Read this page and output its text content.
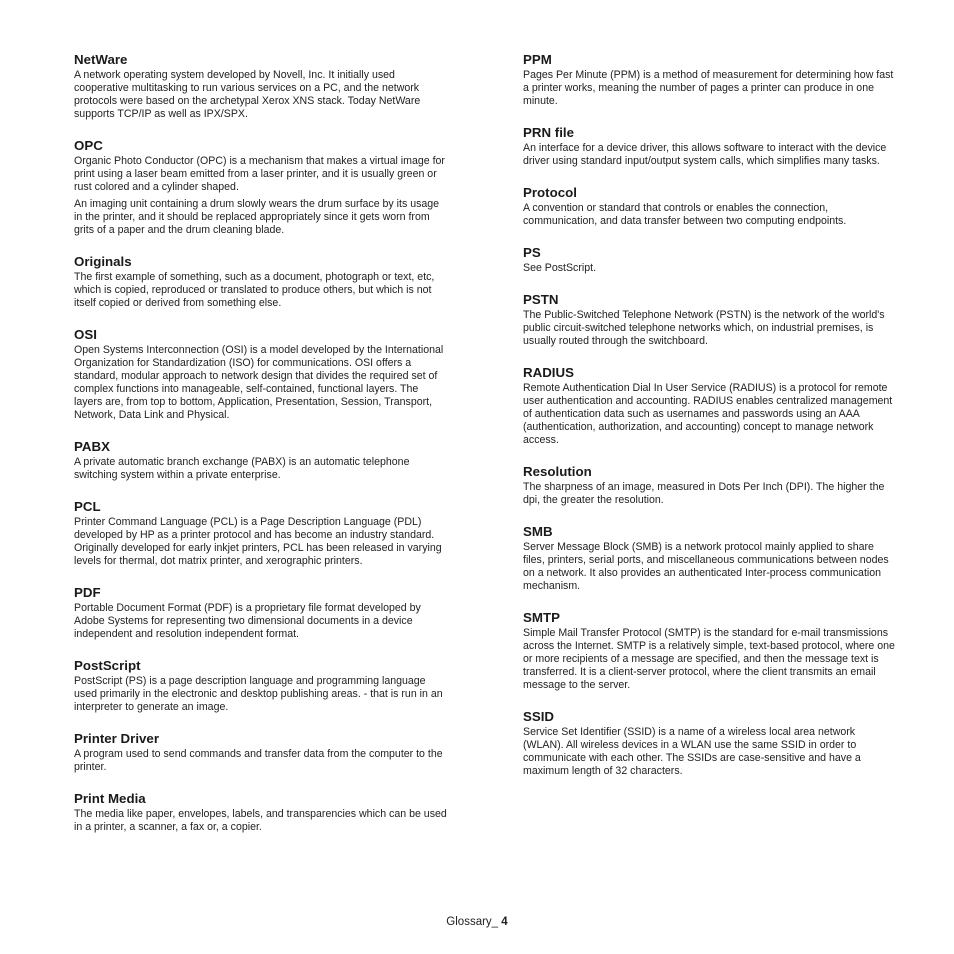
NetWare

A network operating system developed by Novell, Inc. It initially used cooperative multitasking to run various services on a PC, and the network protocols were based on the archetypal Xerox XNS stack. Today NetWare supports TCP/IP as well as IPX/SPX.

OPC

Organic Photo Conductor (OPC) is a mechanism that makes a virtual image for print using a laser beam emitted from a laser printer, and it is usually green or rust colored and a cylinder shaped.

An imaging unit containing a drum slowly wears the drum surface by its usage in the printer, and it should be replaced appropriately since it gets worn from grits of a paper and the drum cleaning blade.

Originals

The first example of something, such as a document, photograph or text, etc, which is copied, reproduced or translated to produce others, but which is not itself copied or derived from something else.

OSI

Open Systems Interconnection (OSI) is a model developed by the International Organization for Standardization (ISO) for communications. OSI offers a standard, modular approach to network design that divides the required set of complex functions into manageable, self-contained, functional layers. The layers are, from top to bottom, Application, Presentation, Session, Transport, Network, Data Link and Physical.

PABX

A private automatic branch exchange (PABX) is an automatic telephone switching system within a private enterprise.

PCL

Printer Command Language (PCL) is a Page Description Language (PDL) developed by HP as a printer protocol and has become an industry standard. Originally developed for early inkjet printers, PCL has been released in varying levels for thermal, dot matrix printer, and xerographic printers.

PDF

Portable Document Format (PDF) is a proprietary file format developed by Adobe Systems for representing two dimensional documents in a device independent and resolution independent format.

PostScript

PostScript (PS) is a page description language and programming language used primarily in the electronic and desktop publishing areas. - that is run in an interpreter to generate an image.

Printer Driver

A program used to send commands and transfer data from the computer to the printer.

Print Media

The media like paper, envelopes, labels, and transparencies which can be used in a printer, a scanner, a fax or, a copier.

PPM

Pages Per Minute (PPM) is a method of measurement for determining how fast a printer works, meaning the number of pages a printer can produce in one minute.

PRN file

An interface for a device driver, this allows software to interact with the device driver using standard input/output system calls, which simplifies many tasks.

Protocol

A convention or standard that controls or enables the connection, communication, and data transfer between two computing endpoints.

PS

See PostScript.

PSTN

The Public-Switched Telephone Network (PSTN) is the network of the world's public circuit-switched telephone networks which, on industrial premises, is usually routed through the switchboard.

RADIUS

Remote Authentication Dial In User Service (RADIUS) is a protocol for remote user authentication and accounting. RADIUS enables centralized management of authentication data such as usernames and passwords using an AAA (authentication, authorization, and accounting) concept to manage network access.

Resolution

The sharpness of an image, measured in Dots Per Inch (DPI). The higher the dpi, the greater the resolution.

SMB

Server Message Block (SMB) is a network protocol mainly applied to share files, printers, serial ports, and miscellaneous communications between nodes on a network. It also provides an authenticated Inter-process communication mechanism.

SMTP

Simple Mail Transfer Protocol (SMTP) is the standard for e-mail transmissions across the Internet. SMTP is a relatively simple, text-based protocol, where one or more recipients of a message are specified, and then the message text is transferred. It is a client-server protocol, where the client transmits an email message to the server.

SSID

Service Set Identifier (SSID) is a name of a wireless local area network (WLAN). All wireless devices in a WLAN use the same SSID in order to communicate with each other. The SSIDs are case-sensitive and have a maximum length of 32 characters.

Glossary_ 4
